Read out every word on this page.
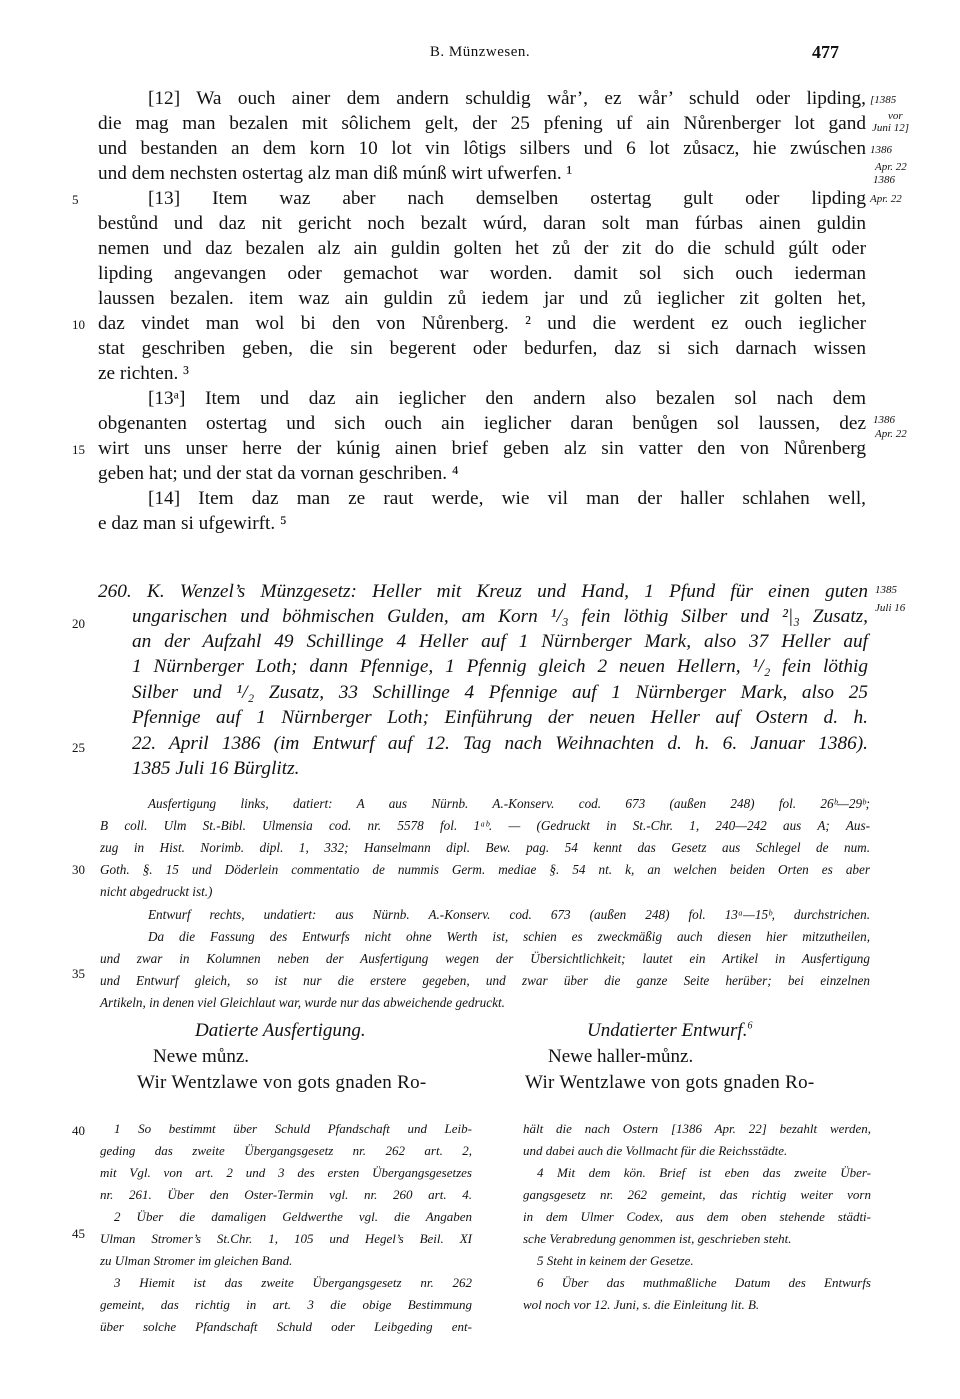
B. Münzwesen.	477
[12] Wa ouch ainer dem andern schuldig wår’, ez wår’ schuld oder lipding,
die mag man bezalen mit sôlichem gelt, der 25 pfening uf ain Nůrenberger lot gand
und bestanden an dem korn 10 lot vin lôtigs silbers und 6 lot zůsacz, hie zwúschen
und dem nechsten ostertag alz man diß múnß wirt ufwerfen. ¹
[13] Item waz aber nach demselben ostertag gult oder lipding
bestůnd und daz nit gericht noch bezalt wúrd, daran solt man fúrbas ainen guldin
nemen und daz bezalen alz ain guldin golten het zů der zit do die schuld gúlt oder
lipding angevangen oder gemachot war worden. damit sol sich ouch iederman
laussen bezalen. item waz ain guldin zů iedem jar und zů ieglicher zit golten het,
daz vindet man wol bi den von Nůrenberg. ² und die werdent ez ouch ieglicher
stat geschriben geben, die sin begerent oder bedurfen, daz si sich darnach wissen
ze richten. ³
[13ᵃ] Item und daz ain ieglicher den andern also bezalen sol nach dem
obgenanten ostertag und sich ouch ain ieglicher daran benůgen sol laussen, dez
wirt uns unser herre der kúnig ainen brief geben alz sin vatter den von Nůrenberg
geben hat; und der stat da vornan geschriben. ⁴
[14] Item daz man ze raut werde, wie vil man der haller schlahen well,
e daz man si ufgewirft. ⁵
5
10
15
20
25
30
35
40
45
[1385
vor
Juni 12]
1386
Apr. 22
1386
Apr. 22
1386
Apr. 22
1385
Juli 16
260. K. Wenzel’s Münzgesetz: Heller mit Kreuz und Hand, 1 Pfund für einen guten
ungarischen und böhmischen Gulden, am Korn ¹/₃ fein löthig Silber und ²|₃ Zusatz,
an der Aufzahl 49 Schillinge 4 Heller auf 1 Nürnberger Mark, also 37 Heller auf
1 Nürnberger Loth; dann Pfennige, 1 Pfennig gleich 2 neuen Hellern, ¹/₂ fein löthig
Silber und ¹/₂ Zusatz, 33 Schillinge 4 Pfennige auf 1 Nürnberger Mark, also 25
Pfennige auf 1 Nürnberger Loth; Einführung der neuen Heller auf Ostern d. h.
22. April 1386 (im Entwurf auf 12. Tag nach Weihnachten d. h. 6. Januar 1386).
1385 Juli 16 Bürglitz.
Ausfertigung links, datiert: A aus Nürnb. A.-Konserv. cod. 673 (außen 248) fol. 26ᵇ—29ᵇ;
B coll. Ulm St.-Bibl. Ulmensia cod. nr. 5578 fol. 1ᵃᵇ. — (Gedruckt in St.-Chr. 1, 240—242 aus A; Aus-
zug in Hist. Norimb. dipl. 1, 332; Hanselmann dipl. Bew. pag. 54 kennt das Gesetz aus Schlegel de num.
Goth. §. 15 und Döderlein commentatio de nummis Germ. mediae §. 54 nt. k, an welchen beiden Orten es aber
nicht abgedruckt ist.)
Entwurf rechts, undatiert: aus Nürnb. A.-Konserv. cod. 673 (außen 248) fol. 13ᵃ—15ᵇ, durchstrichen.
Da die Fassung des Entwurfs nicht ohne Werth ist, schien es zweckmäßig auch diesen hier mitzutheilen,
und zwar in Kolumnen neben der Ausfertigung wegen der Übersichtlichkeit; lautet ein Artikel in Ausfertigung
und Entwurf gleich, so ist nur die erstere gegeben, und zwar über die ganze Seite herüber; bei einzelnen
Artikeln, in denen viel Gleichlaut war, wurde nur das abweichende gedruckt.
Datierte Ausfertigung.
Newe můnz.
Wir Wentzlawe von gots gnaden Ro-
Undatierter Entwurf.$^6$
Newe haller-můnz.
Wir Wentzlawe von gots gnaden Ro-
1 So bestimmt über Schuld Pfandschaft und Leib-
geding das zweite Übergangsgesetz nr. 262 art. 2,
mit Vgl. von art. 2 und 3 des ersten Übergangsgesetzes
nr. 261. Über den Oster-Termin vgl. nr. 260 art. 4.
2 Über die damaligen Geldwerthe vgl. die Angaben
Ulman Stromer’s St.Chr. 1, 105 und Hegel’s Beil. XI
zu Ulman Stromer im gleichen Band.
3 Hiemit ist das zweite Übergangsgesetz nr. 262
gemeint, das richtig in art. 3 die obige Bestimmung
über solche Pfandschaft Schuld oder Leibgeding ent-
hält die nach Ostern [1386 Apr. 22] bezahlt werden,
und dabei auch die Vollmacht für die Reichsstädte.
4 Mit dem kön. Brief ist eben das zweite Über-
gangsgesetz nr. 262 gemeint, das richtig weiter vorn
in dem Ulmer Codex, aus dem oben stehende städti-
sche Verabredung genommen ist, geschrieben steht.
5 Steht in keinem der Gesetze.
6 Über das muthmaßliche Datum des Entwurfs
wol noch vor 12. Juni, s. die Einleitung lit. B.
